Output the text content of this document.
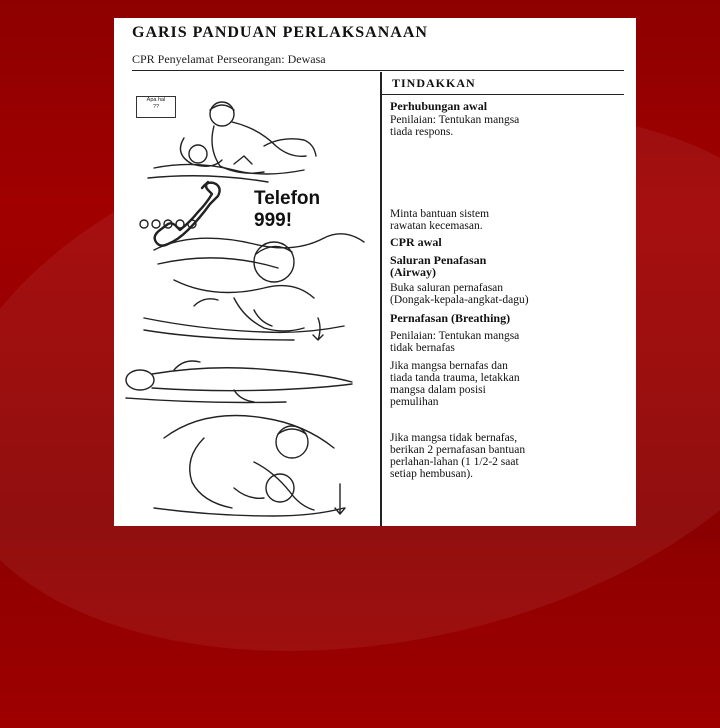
GARIS PANDUAN PERLAKSANAAN
CPR Penyelamat Perseorangan: Dewasa
TINDAKKAN
Apa hal
??
Telefon
999!
Perhubungan awal
Penilaian: Tentukan mangsa
tiada respons.
Minta bantuan sistem
rawatan kecemasan.
CPR awal
Saluran Penafasan
(Airway)
Buka saluran pernafasan
(Dongak-kepala-angkat-dagu)
Pernafasan (Breathing)
Penilaian: Tentukan mangsa
tidak bernafas
Jika mangsa bernafas dan
tiada tanda trauma, letakkan
mangsa dalam posisi
pemulihan
Jika mangsa tidak bernafas,
berikan 2 pernafasan bantuan
perlahan-lahan (1 1/2-2 saat
setiap hembusan).
